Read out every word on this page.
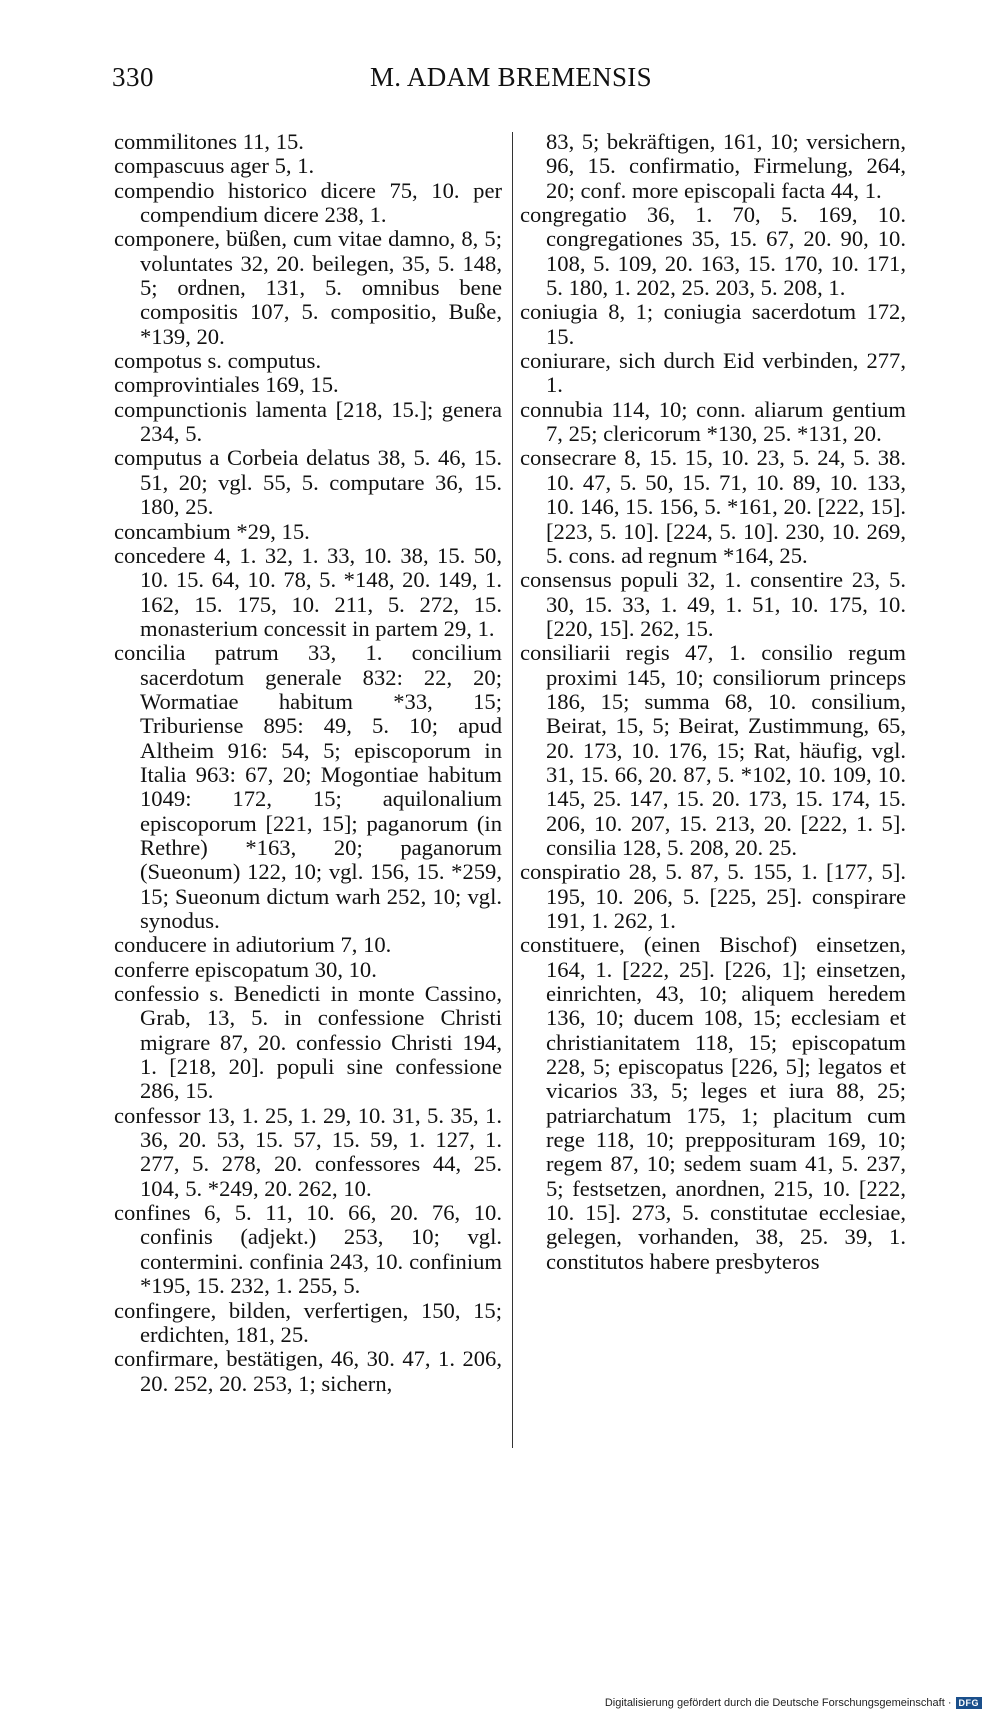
330	M. ADAM BREMENSIS

commilitones 11, 15.

compascuus ager 5, 1.

compendio historico dicere 75, 10. per compendium dicere 238, 1.

componere, büßen, cum vitae damno, 8, 5; voluntates 32, 20. beilegen, 35, 5. 148, 5; ordnen, 131, 5. omnibus bene compositis 107, 5. compositio, Buße, *139, 20.

compotus s. computus.

comprovintiales 169, 15.

compunctionis lamenta [218, 15.]; genera 234, 5.

computus a Corbeia delatus 38, 5. 46, 15. 51, 20; vgl. 55, 5. computare 36, 15. 180, 25.

concambium *29, 15.

concedere 4, 1. 32, 1. 33, 10. 38, 15. 50, 10. 15. 64, 10. 78, 5. *148, 20. 149, 1. 162, 15. 175, 10. 211, 5. 272, 15. monasterium concessit in partem 29, 1.

concilia patrum 33, 1. concilium sacerdotum generale 832: 22, 20; Wormatiae habitum *33, 15; Triburiense 895: 49, 5. 10; apud Altheim 916: 54, 5; episcoporum in Italia 963: 67, 20; Mogontiae habitum 1049: 172, 15; aquilonalium episcoporum [221, 15]; paganorum (in Rethre) *163, 20; paganorum (Sueonum) 122, 10; vgl. 156, 15. *259, 15; Sueonum dictum warh 252, 10; vgl. synodus.

conducere in adiutorium 7, 10.

conferre episcopatum 30, 10.

confessio s. Benedicti in monte Cassino, Grab, 13, 5. in confessione Christi migrare 87, 20. confessio Christi 194, 1. [218, 20]. populi sine confessione 286, 15.

confessor 13, 1. 25, 1. 29, 10. 31, 5. 35, 1. 36, 20. 53, 15. 57, 15. 59, 1. 127, 1. 277, 5. 278, 20. confessores 44, 25. 104, 5. *249, 20. 262, 10.

confines 6, 5. 11, 10. 66, 20. 76, 10. confinis (adjekt.) 253, 10; vgl. contermini. confinia 243, 10. confinium *195, 15. 232, 1. 255, 5.

confingere, bilden, verfertigen, 150, 15; erdichten, 181, 25.

confirmare, bestätigen, 46, 30. 47, 1. 206, 20. 252, 20. 253, 1; sichern,

83, 5; bekräftigen, 161, 10; versichern, 96, 15. confirmatio, Firmelung, 264, 20; conf. more episcopali facta 44, 1.

congregatio 36, 1. 70, 5. 169, 10. congregationes 35, 15. 67, 20. 90, 10. 108, 5. 109, 20. 163, 15. 170, 10. 171, 5. 180, 1. 202, 25. 203, 5. 208, 1.

coniugia 8, 1; coniugia sacerdotum 172, 15.

coniurare, sich durch Eid verbinden, 277, 1.

connubia 114, 10; conn. aliarum gentium 7, 25; clericorum *130, 25. *131, 20.

consecrare 8, 15. 15, 10. 23, 5. 24, 5. 38. 10. 47, 5. 50, 15. 71, 10. 89, 10. 133, 10. 146, 15. 156, 5. *161, 20. [222, 15]. [223, 5. 10]. [224, 5. 10]. 230, 10. 269, 5. cons. ad regnum *164, 25.

consensus populi 32, 1. consentire 23, 5. 30, 15. 33, 1. 49, 1. 51, 10. 175, 10. [220, 15]. 262, 15.

consiliarii regis 47, 1. consilio regum proximi 145, 10; consiliorum princeps 186, 15; summa 68, 10. consilium, Beirat, 15, 5; Beirat, Zustimmung, 65, 20. 173, 10. 176, 15; Rat, häufig, vgl. 31, 15. 66, 20. 87, 5. *102, 10. 109, 10. 145, 25. 147, 15. 20. 173, 15. 174, 15. 206, 10. 207, 15. 213, 20. [222, 1. 5]. consilia 128, 5. 208, 20. 25.

conspiratio 28, 5. 87, 5. 155, 1. [177, 5]. 195, 10. 206, 5. [225, 25]. conspirare 191, 1. 262, 1.

constituere, (einen Bischof) einsetzen, 164, 1. [222, 25]. [226, 1]; einsetzen, einrichten, 43, 10; aliquem heredem 136, 10; ducem 108, 15; ecclesiam et christianitatem 118, 15; episcopatum 228, 5; episcopatus [226, 5]; legatos et vicarios 33, 5; leges et iura 88, 25; patriarchatum 175, 1; placitum cum rege 118, 10; prepposituram 169, 10; regem 87, 10; sedem suam 41, 5. 237, 5; festsetzen, anordnen, 215, 10. [222, 10. 15]. 273, 5. constitutae ecclesiae, gelegen, vorhanden, 38, 25. 39, 1. constitutos habere presbyteros

Digitalisierung gefördert durch die Deutsche Forschungsgemeinschaft · DFG
